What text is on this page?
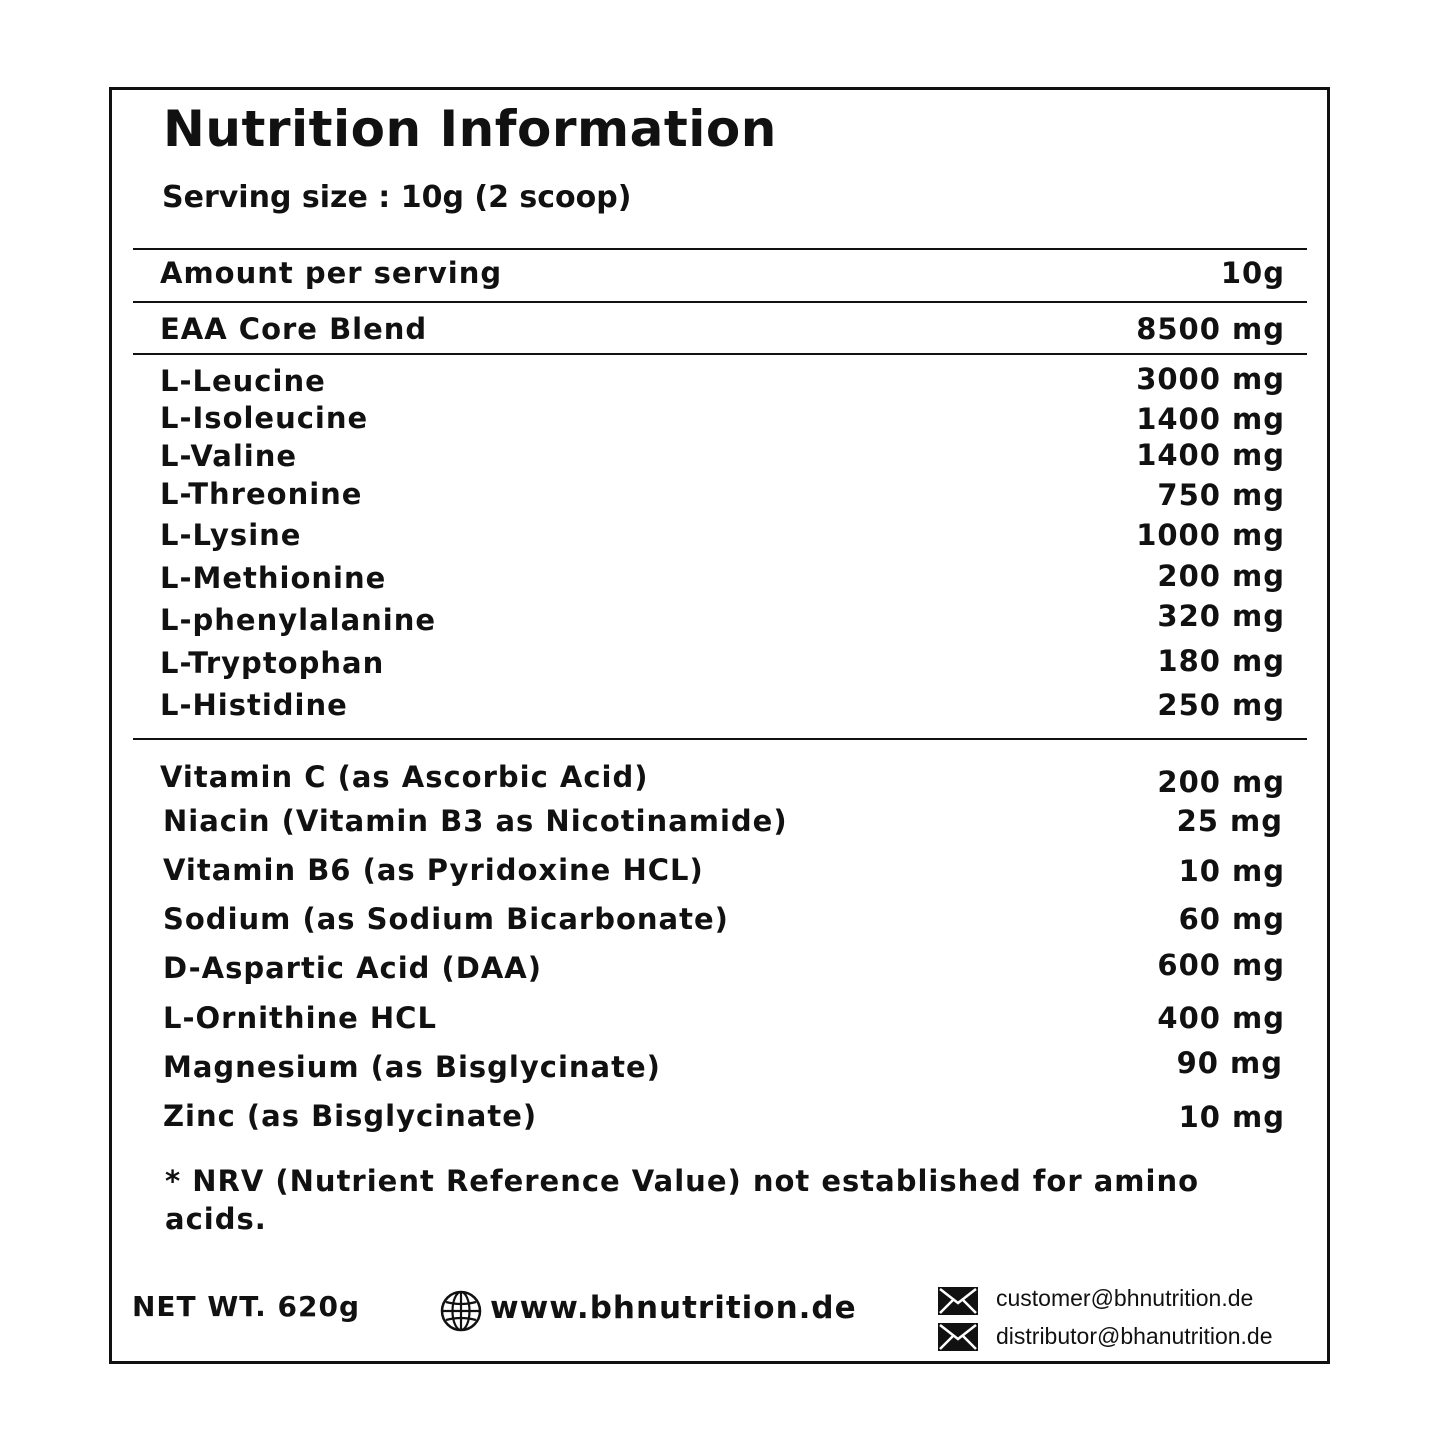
Nutrition Information
Serving size : 10g (2 scoop)
Amount per serving	10g
EAA Core Blend	8500 mg
L-Leucine	3000 mg
L-Isoleucine	1400 mg
L-Valine	1400 mg
L-Threonine	750 mg
L-Lysine	1000 mg
L-Methionine	200 mg
L-phenylalanine	320 mg
L-Tryptophan	180 mg
L-Histidine	250 mg
Vitamin C (as Ascorbic Acid)	200 mg
Niacin (Vitamin B3 as Nicotinamide)	25 mg
Vitamin B6 (as Pyridoxine HCL)	10 mg
Sodium (as Sodium Bicarbonate)	60 mg
D-Aspartic Acid (DAA)	600 mg
L-Ornithine HCL	400 mg
Magnesium (as Bisglycinate)	90 mg
Zinc (as Bisglycinate)	10 mg
* NRV (Nutrient Reference Value) not established for amino acids.
NET WT. 620g	www.bhnutrition.de	customer@bhnutrition.de
distributor@bhanutrition.de
